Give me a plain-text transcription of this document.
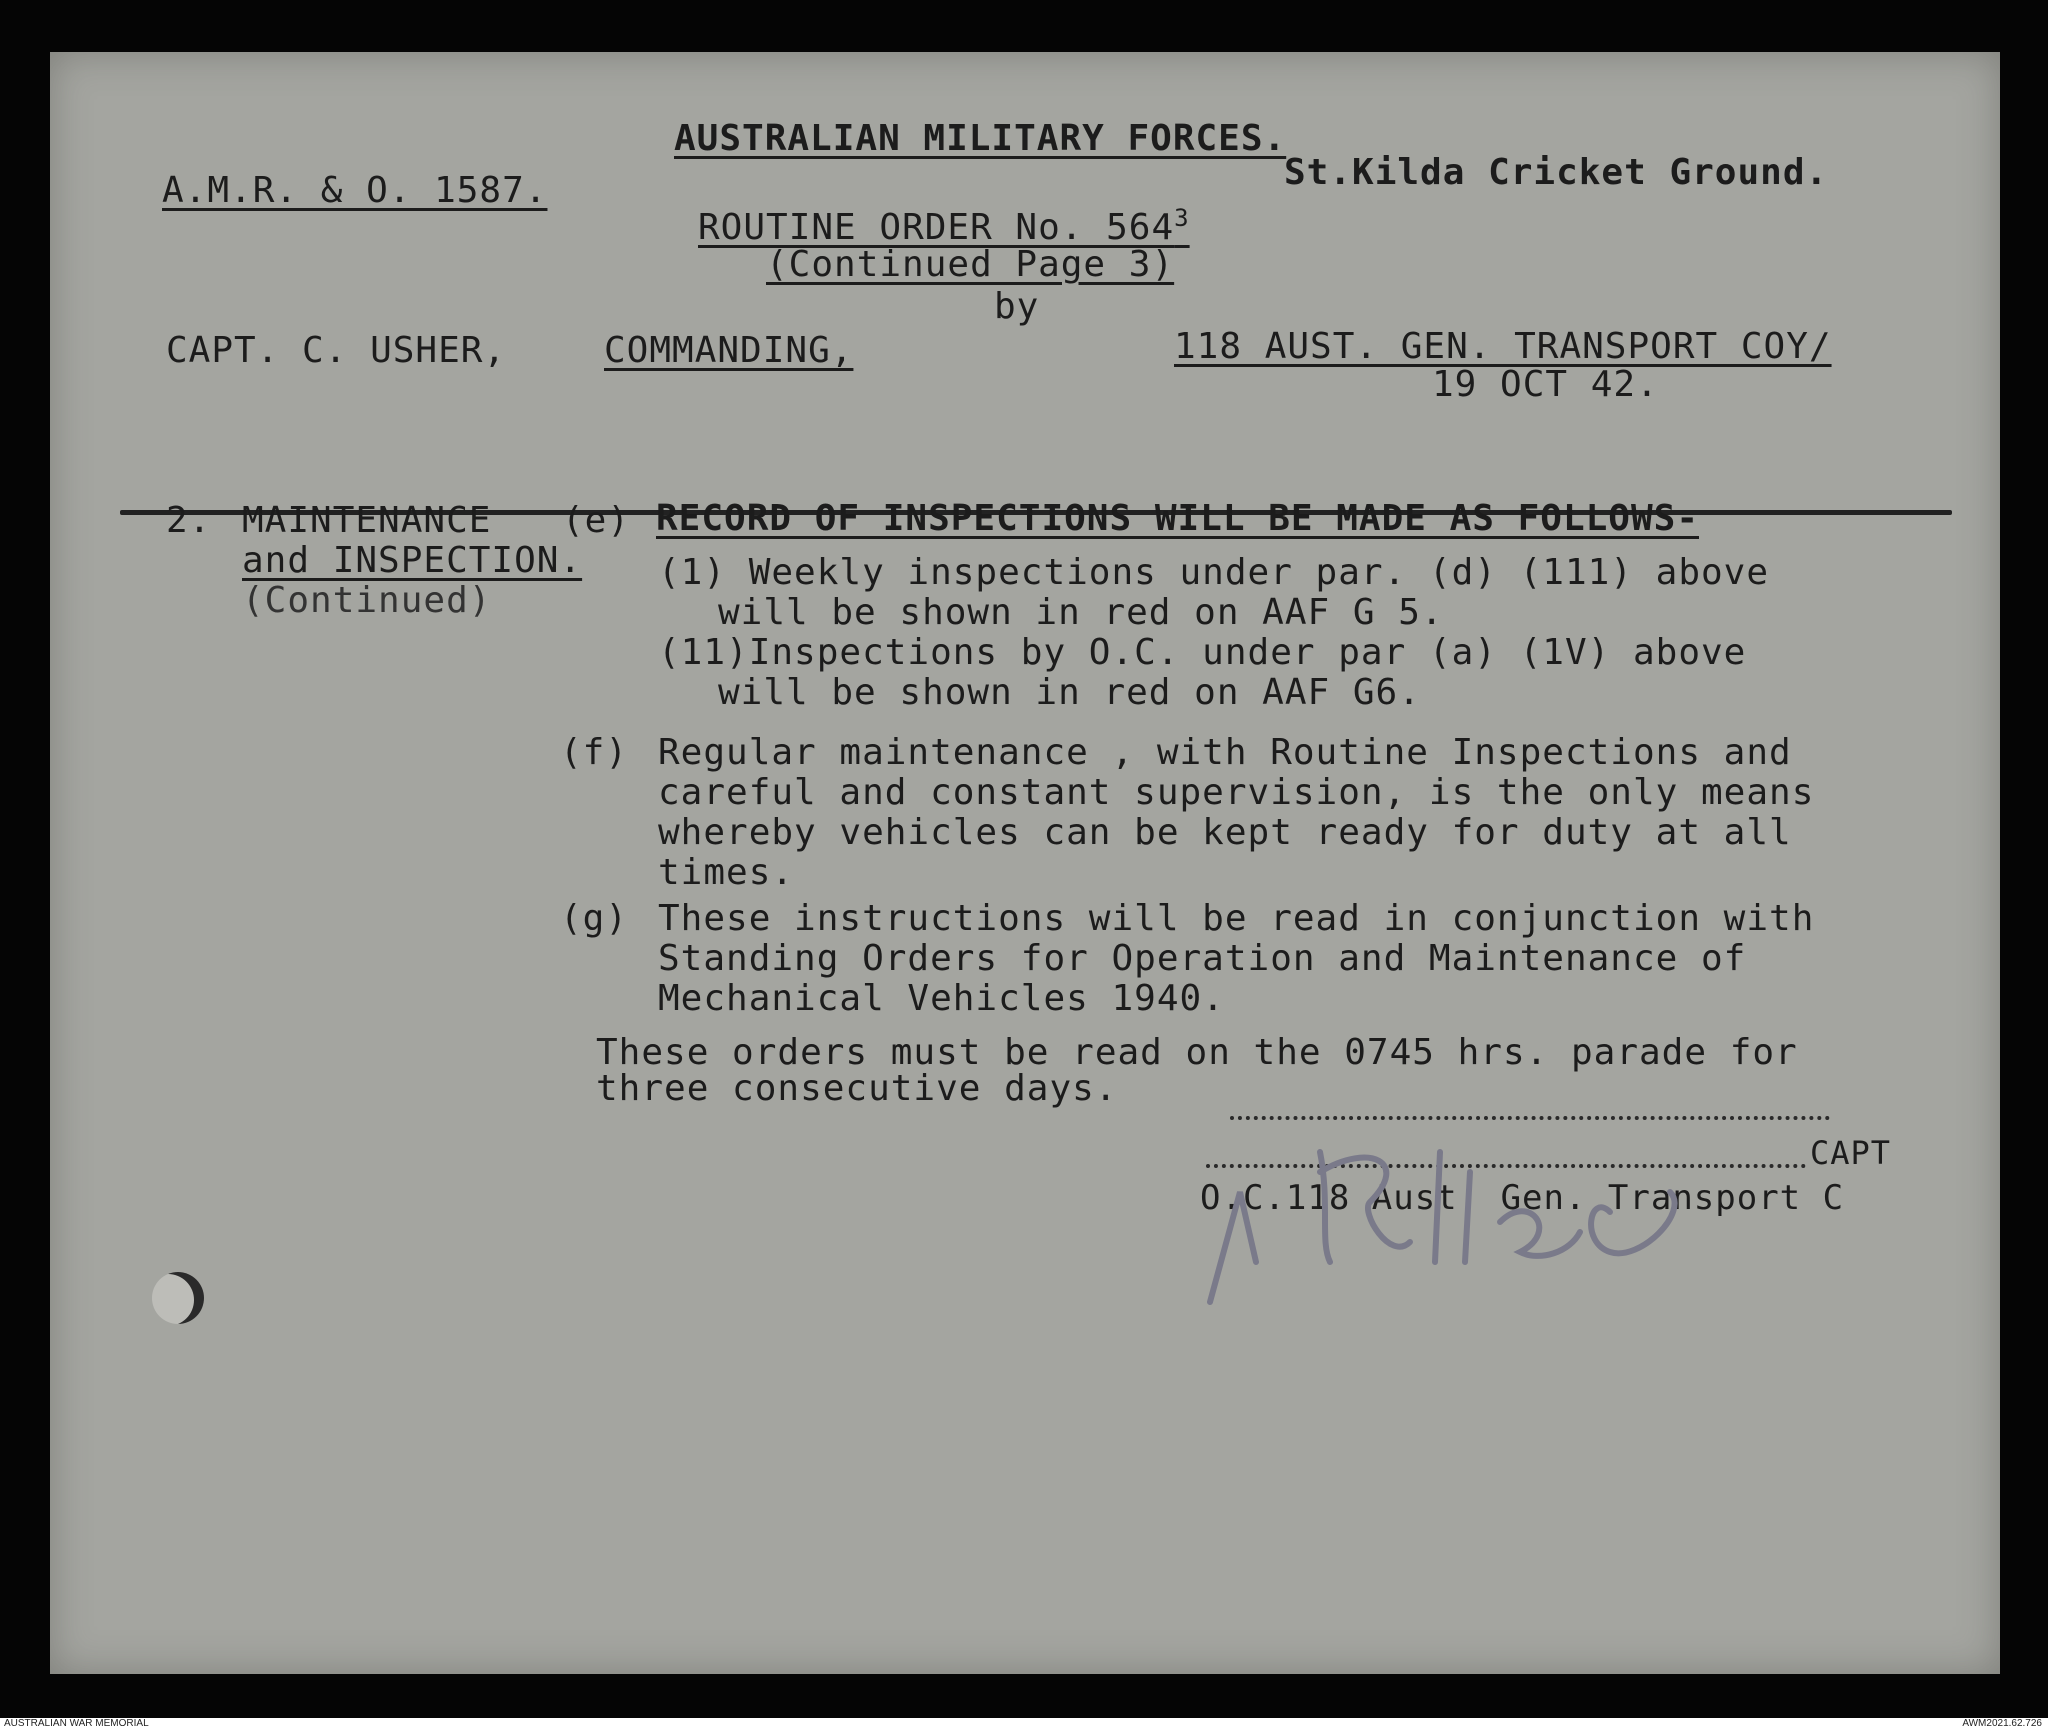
AUSTRALIAN MILITARY FORCES.
St.Kilda Cricket Ground.
A.M.R. & O. 1587.
ROUTINE ORDER No. $564^3$
(Continued Page 3)
by
CAPT. C. USHER,	COMMANDING,	118 AUST. GEN. TRANSPORT COY/
19 OCT 42.
2. MAINTENANCE
and INSPECTION.
(Continued)
(e) RECORD OF INSPECTIONS WILL BE MADE AS FOLLOWS-
(1) Weekly inspections under par. (d) (111) above
will be shown in red on AAF G 5.
(11)Inspections by O.C. under par (a) (1V) above
will be shown in red on AAF G6.
(f) Regular maintenance , with Routine Inspections and
careful and constant supervision, is the only means
whereby vehicles can be kept ready for duty at all
times.
(g) These instructions will be read in conjunction with
Standing Orders for Operation and Maintenance of
Mechanical Vehicles 1940.
These orders must be read on the 0745 hrs. parade for
three consecutive days.
CAPT
O.C.118 Aust. Gen. Transport C
AUSTRALIAN WAR MEMORIAL	AWM2021.62.726
